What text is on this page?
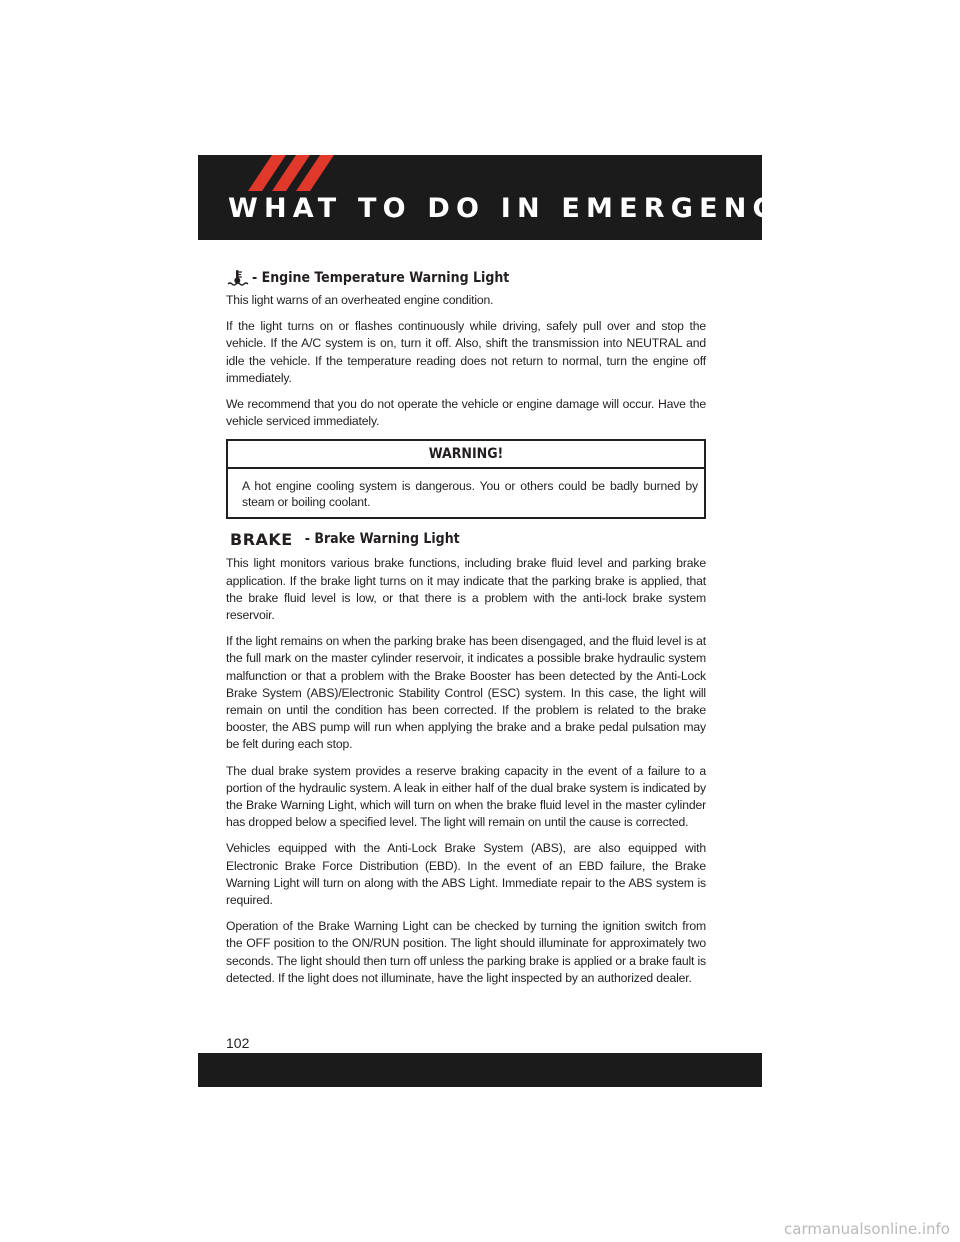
WHAT TO DO IN EMERGENCIES
- Engine Temperature Warning Light

This light warns of an overheated engine condition.

If the light turns on or flashes continuously while driving, safely pull over and stop the vehicle. If the A/C system is on, turn it off. Also, shift the transmission into NEUTRAL and idle the vehicle. If the temperature reading does not return to normal, turn the engine off immediately.

We recommend that you do not operate the vehicle or engine damage will occur. Have the vehicle serviced immediately.

WARNING!

A hot engine cooling system is dangerous. You or others could be badly burned by steam or boiling coolant.

BRAKE - Brake Warning Light

This light monitors various brake functions, including brake fluid level and parking brake application. If the brake light turns on it may indicate that the parking brake is applied, that the brake fluid level is low, or that there is a problem with the anti-lock brake system reservoir.

If the light remains on when the parking brake has been disengaged, and the fluid level is at the full mark on the master cylinder reservoir, it indicates a possible brake hydraulic system malfunction or that a problem with the Brake Booster has been detected by the Anti-Lock Brake System (ABS)/Electronic Stability Control (ESC) system. In this case, the light will remain on until the condition has been corrected. If the problem is related to the brake booster, the ABS pump will run when applying the brake and a brake pedal pulsation may be felt during each stop.

The dual brake system provides a reserve braking capacity in the event of a failure to a portion of the hydraulic system. A leak in either half of the dual brake system is indicated by the Brake Warning Light, which will turn on when the brake fluid level in the master cylinder has dropped below a specified level. The light will remain on until the cause is corrected.

Vehicles equipped with the Anti-Lock Brake System (ABS), are also equipped with Electronic Brake Force Distribution (EBD). In the event of an EBD failure, the Brake Warning Light will turn on along with the ABS Light. Immediate repair to the ABS system is required.

Operation of the Brake Warning Light can be checked by turning the ignition switch from the OFF position to the ON/RUN position. The light should illuminate for approximately two seconds. The light should then turn off unless the parking brake is applied or a brake fault is detected. If the light does not illuminate, have the light inspected by an authorized dealer.

102
carmanualsonline.info
